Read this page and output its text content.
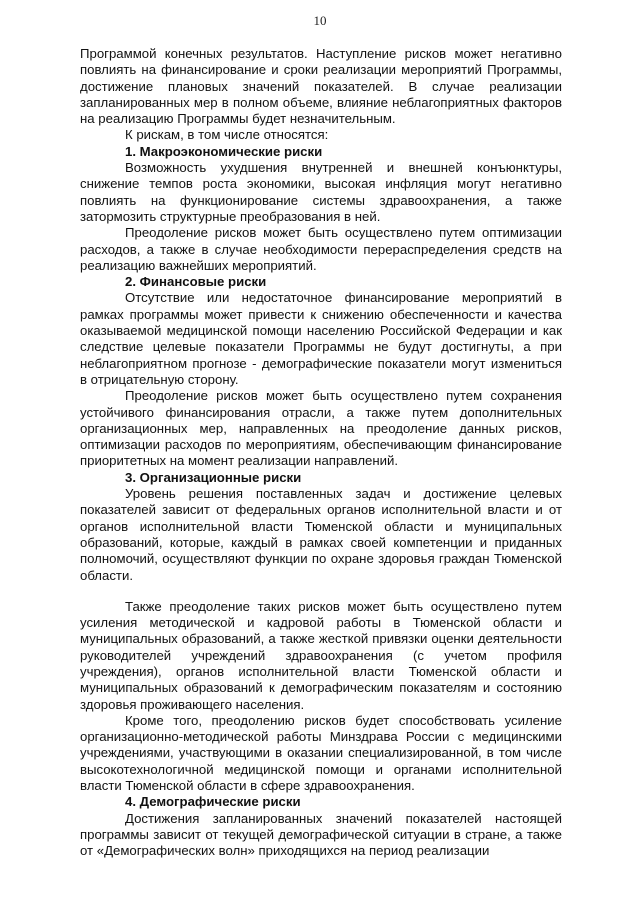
10

Программой конечных результатов. Наступление рисков может негативно повлиять на финансирование и сроки реализации мероприятий Программы, достижение плановых значений показателей. В случае реализации запланированных мер в полном объеме, влияние неблагоприятных факторов на реализацию Программы будет незначительным.

К рискам, в том числе относятся:

1. Макроэкономические риски

Возможность ухудшения внутренней и внешней конъюнктуры, снижение темпов роста экономики, высокая инфляция могут негативно повлиять на функционирование системы здравоохранения, а также затормозить структурные преобразования в ней.

Преодоление рисков может быть осуществлено путем оптимизации расходов, а также в случае необходимости перераспределения средств на реализацию важнейших мероприятий.

2. Финансовые риски

Отсутствие или недостаточное финансирование мероприятий в рамках программы может привести к снижению обеспеченности и качества оказываемой медицинской помощи населению Российской Федерации и как следствие целевые показатели Программы не будут достигнуты, а при неблагоприятном прогнозе - демографические показатели могут измениться в отрицательную сторону.

Преодоление рисков может быть осуществлено путем сохранения устойчивого финансирования отрасли, а также путем дополнительных организационных мер, направленных на преодоление данных рисков, оптимизации расходов по мероприятиям, обеспечивающим финансирование приоритетных на момент реализации направлений.

3. Организационные риски

Уровень решения поставленных задач и достижение целевых показателей зависит от федеральных органов исполнительной власти и от органов исполнительной власти Тюменской области и муниципальных образований, которые, каждый в рамках своей компетенции и приданных полномочий, осуществляют функции по охране здоровья граждан Тюменской области.

Также преодоление таких рисков может быть осуществлено путем усиления методической и кадровой работы в Тюменской области и муниципальных образований, а также жесткой привязки оценки деятельности руководителей учреждений здравоохранения (с учетом профиля учреждения), органов исполнительной власти Тюменской области и муниципальных образований к демографическим показателям и состоянию здоровья проживающего населения.

Кроме того, преодолению рисков будет способствовать усиление организационно-методической работы Минздрава России с медицинскими учреждениями, участвующими в оказании специализированной, в том числе высокотехнологичной медицинской помощи и органами исполнительной власти Тюменской области в сфере здравоохранения.

4. Демографические риски

Достижения запланированных значений показателей настоящей программы зависит от текущей демографической ситуации в стране, а также от «Демографических волн» приходящихся на период реализации
